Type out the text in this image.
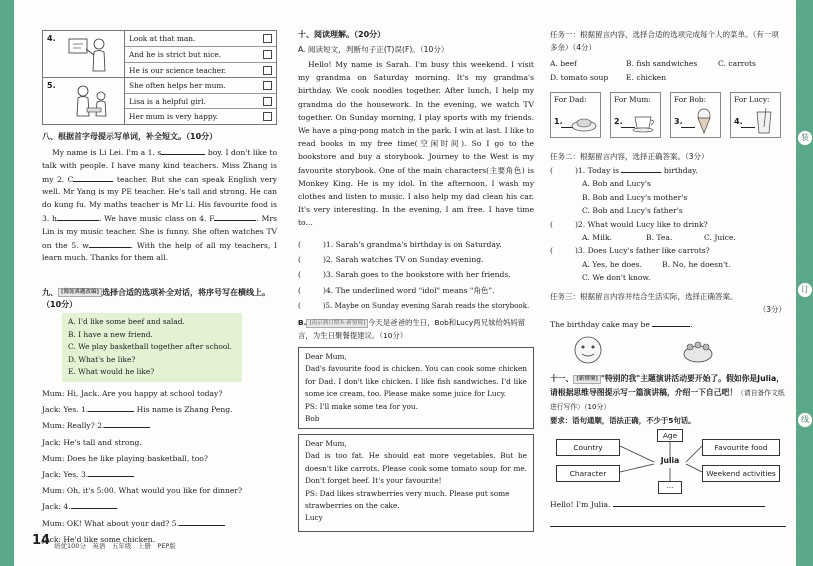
4.	Look at that man.
And he is strict but nice.
He is our science teacher.

5.	She often helps her mum.
Lisa is a helpful girl.
Her mum is very happy.
八、根据首字母提示写单词，补全短文。（10分）
My name is Li Lei. I'm a 1. s	boy. I don't like to talk with people. I have many kind teachers. Miss Zhang is my 2. C	teacher. But she can speak English very well. Mr Yang is my PE teacher. He's tall and strong. He can do kung fu. My maths teacher is Mr Li. His favourite food is 3. h	. We have music class on 4. F	. Mrs Lin is my music teacher. She is funny. She often watches TV on the 5. w	. With the help of all my teachers, I learn much. Thanks for them all.
九、 [海淀真题改编] 选择合适的选项补全对话，将序号写在横线上。（10分）
A. I'd like some beef and salad.
B. I have a new friend.
C. We play basketball together after school.
D. What's he like?
E. What would he like?
Mum: Hi, Jack. Are you happy at school today?
Jack: Yes. 1.	His name is Zhang Peng.
Mum: Really? 2.
Jack: He's tall and strong.
Mum: Does he like playing basketball, too?
Jack: Yes. 3.
Mum: Oh, it's 5:00. What would you like for dinner?
Jack: 4.
Mum: OK! What about your dad? 5.
Jack: He'd like some chicken.
十、阅读理解。（20分）
A. 阅读短文，判断句子正(T)误(F)。（10分）
Hello! My name is Sarah. I'm busy this weekend. I visit my grandma on Saturday morning. It's my grandma's birthday. We cook noodles together. After lunch, I help my grandma do the housework. In the evening, we watch TV together. On Sunday morning, I play sports with my friends. We have a ping-pong match in the park. I win at last. I like to read books in my free time(空闲时间). So I go to the bookstore and buy a storybook. Journey to the West is my favourite storybook. One of the main characters(主要角色) is Monkey King. He is my idol. In the afternoon, I wash my clothes and listen to music. I also help my dad clean his car. It's very interesting. In the evening, I am free. I have time to...
(	)1. Sarah's grandma's birthday is on Saturday.
(	)2. Sarah watches TV on Sunday evening.
(	)3. Sarah goes to the bookstore with her friends.
(	)4. The underlined word "idol" means "角色".
(	)5. Maybe on Sunday evening Sarah reads the storybook.
B. [南京浦口期末·新情境] 今天是爸爸的生日，Bob和Lucy两兄妹给妈妈留言，为生日聚餐提建议。（10分）
Dear Mum,
Dad's favourite food is chicken. You can cook some chicken for Dad. I don't like chicken. I like fish sandwiches. I'd like some ice cream, too. Please make some juice for Lucy.
PS: I'll make some tea for you.
Bob
Dear Mum,
Dad is too fat. He should eat more vegetables. But he doesn't like carrots. Please cook some tomato soup for me. Don't forget beef. It's your favourite!
PS: Dad likes strawberries very much. Please put some strawberries on the cake.
Lucy
任务一：根据留言内容，选择合适的选项完成每个人的菜单。（有一项多余）（4分）
A. beef	B. fish sandwiches	C. carrots
D. tomato soup E. chicken
For Dad:
1.
For Mum:
2.
For Bob:
3.
For Lucy:
4.
任务二：根据留言内容，选择正确答案。（3分）
(	)1. Today is	birthday.
A. Bob and Lucy's
B. Bob and Lucy's mother's
C. Bob and Lucy's father's
(	)2. What would Lucy like to drink?
A. Milk.	B. Tea.	C. Juice.
(	)3. Does Lucy's father like carrots?
A. Yes, he does.	B. No, he doesn't.
C. We don't know.
任务三：根据留言内容并结合生活实际，选择正确答案。
（3分）
The birthday cake may be	.
十一、 [新情境] "特别的我"主题演讲活动要开始了。假如你是Julia，请根据思维导图提示写一篇演讲稿，介绍一下自己吧！（请自备作文纸进行写作）（10分）
要求：语句通顺，语法正确，不少于5句话。
Age
Country	Favourite food
Julia
Character	Weekend activities
...
Hello! I'm Julia.
14 培优100分　英语　五年级　上册　PEP版
装
订
线
